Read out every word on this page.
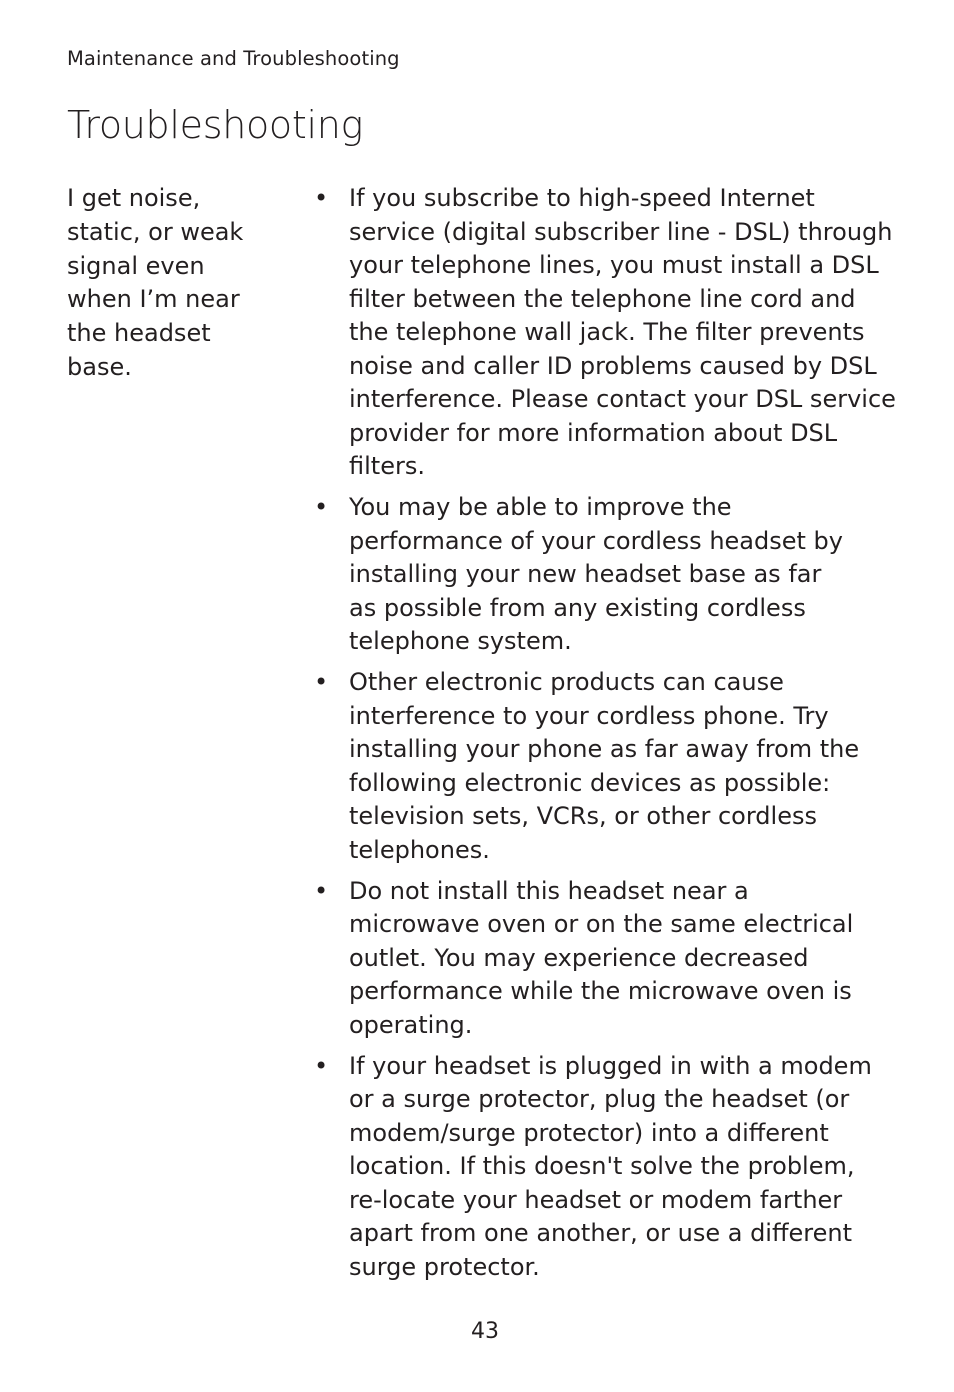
Maintenance and Troubleshooting
Troubleshooting

I get noise,
static, or weak
signal even
when I’m near
the headset
base.

• If you subscribe to high-speed Internet
service (digital subscriber line - DSL) through
your telephone lines, you must install a DSL
filter between the telephone line cord and
the telephone wall jack. The filter prevents
noise and caller ID problems caused by DSL
interference. Please contact your DSL service
provider for more information about DSL
filters.
• You may be able to improve the
performance of your cordless headset by
installing your new headset base as far
as possible from any existing cordless
telephone system.
• Other electronic products can cause
interference to your cordless phone. Try
installing your phone as far away from the
following electronic devices as possible:
television sets, VCRs, or other cordless
telephones.
• Do not install this headset near a
microwave oven or on the same electrical
outlet. You may experience decreased
performance while the microwave oven is
operating.
• If your headset is plugged in with a modem
or a surge protector, plug the headset (or
modem/surge protector) into a different
location. If this doesn't solve the problem,
re-locate your headset or modem farther
apart from one another, or use a different
surge protector.
43
